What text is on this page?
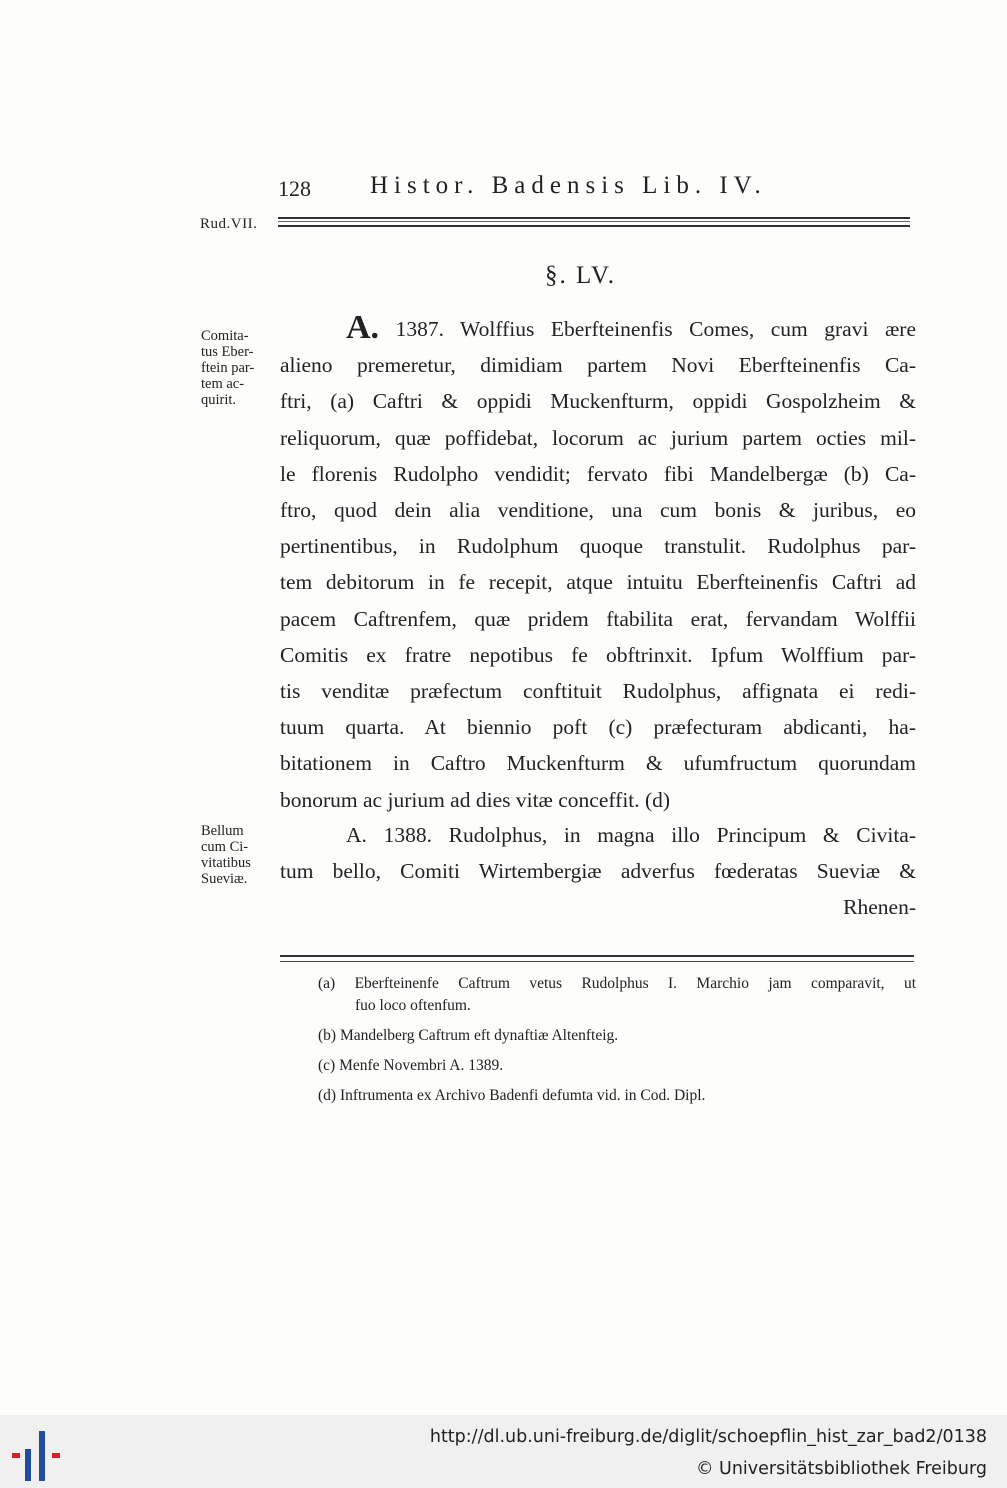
128 Histor. Badensis Lib. IV.
Rud.VII.
§. LV.
Comita-
tus Eber-
ftein par-
tem ac-
quirit.
A. 1387. Wolffius Eberfteinenfis Comes, cum gravi ære
alieno premeretur, dimidiam partem Novi Eberfteinenfis Ca-
ftri, (a) Caftri & oppidi Muckenfturm, oppidi Gospolzheim &
reliquorum, quæ poffidebat, locorum ac jurium partem octies mil-
le florenis Rudolpho vendidit; fervato fibi Mandelbergæ (b) Ca-
ftro, quod dein alia venditione, una cum bonis & juribus, eo
pertinentibus, in Rudolphum quoque transtulit. Rudolphus par-
tem debitorum in fe recepit, atque intuitu Eberfteinenfis Caftri ad
pacem Caftrenfem, quæ pridem ftabilita erat, fervandam Wolffii
Comitis ex fratre nepotibus fe obftrinxit. Ipfum Wolffium par-
tis venditæ præfectum conftituit Rudolphus, affignata ei redi-
tuum quarta. At biennio poft (c) præfecturam abdicanti, ha-
bitationem in Caftro Muckenfturm & ufumfructum quorundam
bonorum ac jurium ad dies vitæ conceffit. (d)
Bellum
cum Ci-
vitatibus
Sueviæ.
A. 1388. Rudolphus, in magna illo Principum & Civita-
tum bello, Comiti Wirtembergiæ adverfus fœderatas Sueviæ &
Rhenen-
(a) Eberfteinenfe Caftrum vetus Rudolphus I. Marchio jam comparavit, ut
fuo loco oftenfum.
(b) Mandelberg Caftrum eft dynaftiæ Altenfteig.
(c) Menfe Novembri A. 1389.
(d) Inftrumenta ex Archivo Badenfi defumta vid. in Cod. Dipl.
http://dl.ub.uni-freiburg.de/diglit/schoepflin_hist_zar_bad2/0138
© Universitätsbibliothek Freiburg
